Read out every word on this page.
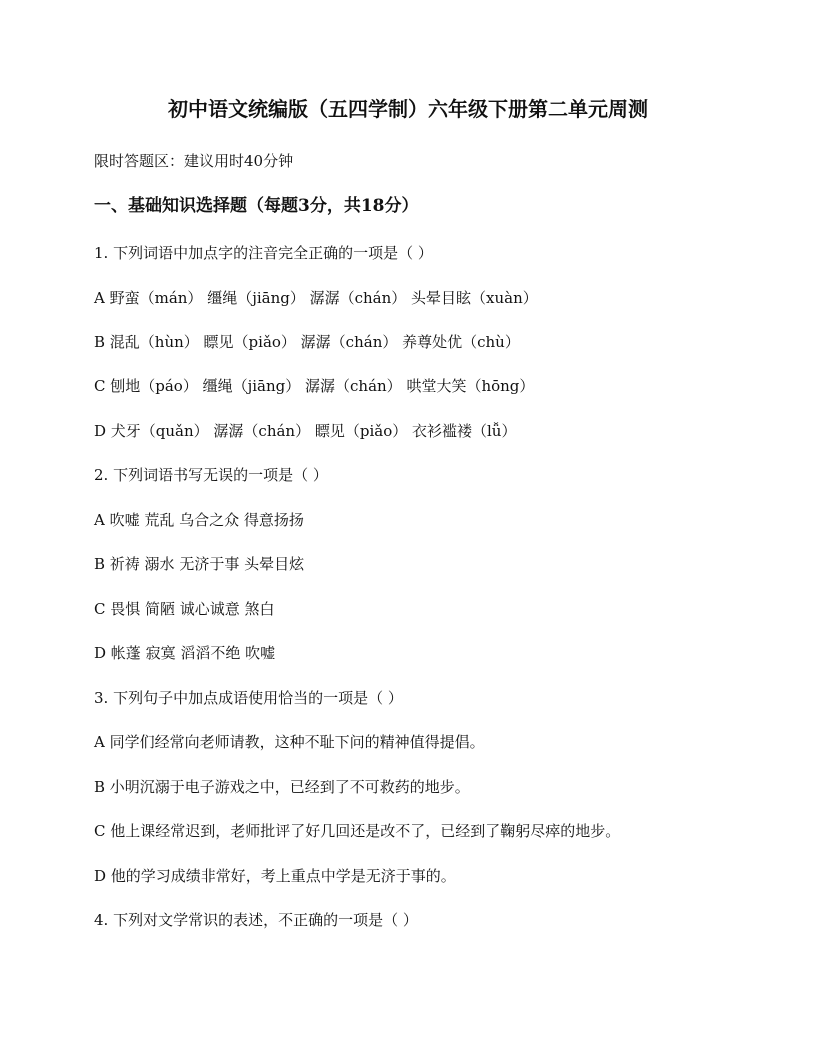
初中语文统编版（五四学制）六年级下册第二单元周测
限时答题区：建议用时40分钟
一、基础知识选择题（每题3分，共18分）
1. 下列词语中加点字的注音完全正确的一项是（ ）
A 野蛮（mán） 缰绳（jiāng） 潺潺（chán） 头晕目眩（xuàn）
B 混乱（hùn） 瞟见（piǎo） 潺潺（chán） 养尊处优（chù）
C 刨地（páo） 缰绳（jiāng） 潺潺（chán） 哄堂大笑（hōng）
D 犬牙（quǎn） 潺潺（chán） 瞟见（piǎo） 衣衫褴褛（lǚ）
2. 下列词语书写无误的一项是（ ）
A 吹嘘 荒乱 乌合之众 得意扬扬
B 祈祷 溺水 无济于事 头晕目炫
C 畏惧 简陋 诚心诚意 煞白
D 帐蓬 寂寞 滔滔不绝 吹嘘
3. 下列句子中加点成语使用恰当的一项是（ ）
A 同学们经常向老师请教，这种不耻下问的精神值得提倡。
B 小明沉溺于电子游戏之中，已经到了不可救药的地步。
C 他上课经常迟到，老师批评了好几回还是改不了，已经到了鞠躬尽瘁的地步。
D 他的学习成绩非常好，考上重点中学是无济于事的。
4. 下列对文学常识的表述，不正确的一项是（ ）
